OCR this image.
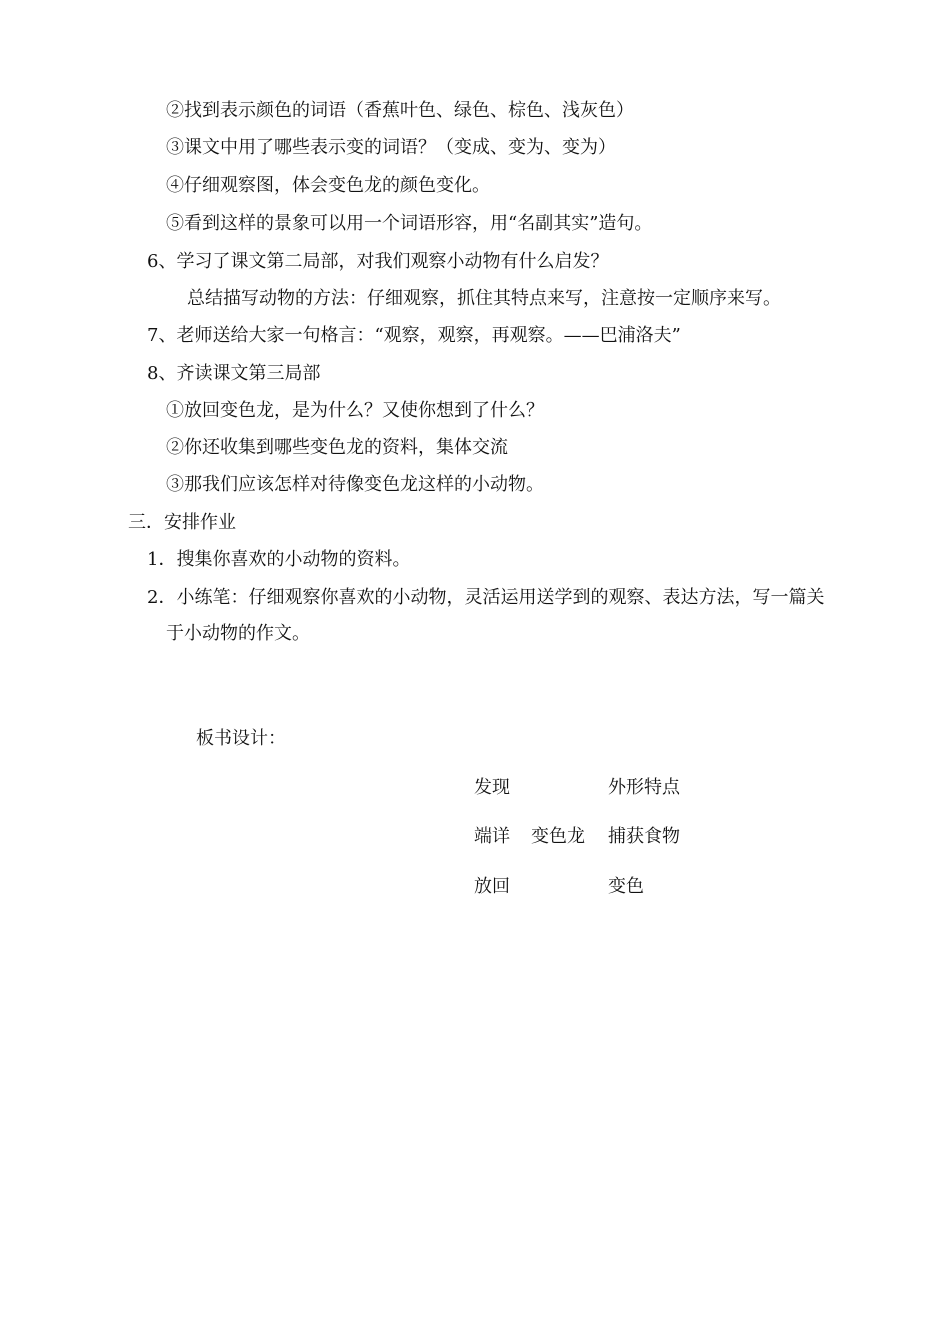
②找到表示颜色的词语（香蕉叶色、绿色、棕色、浅灰色）
③课文中用了哪些表示变的词语？（变成、变为、变为）
④仔细观察图，体会变色龙的颜色变化。
⑤看到这样的景象可以用一个词语形容，用“名副其实”造句。
6、学习了课文第二局部，对我们观察小动物有什么启发？
总结描写动物的方法：仔细观察，抓住其特点来写，注意按一定顺序来写。
7、老师送给大家一句格言：“观察，观察，再观察。——巴浦洛夫”
8、齐读课文第三局部
①放回变色龙，是为什么？又使你想到了什么？
②你还收集到哪些变色龙的资料，集体交流
③那我们应该怎样对待像变色龙这样的小动物。
三．安排作业
1．搜集你喜欢的小动物的资料。
2．小练笔：仔细观察你喜欢的小动物，灵活运用送学到的观察、表达方法，写一篇关
于小动物的作文。
板书设计：
发现
端详
放回
变色龙
外形特点
捕获食物
变色
